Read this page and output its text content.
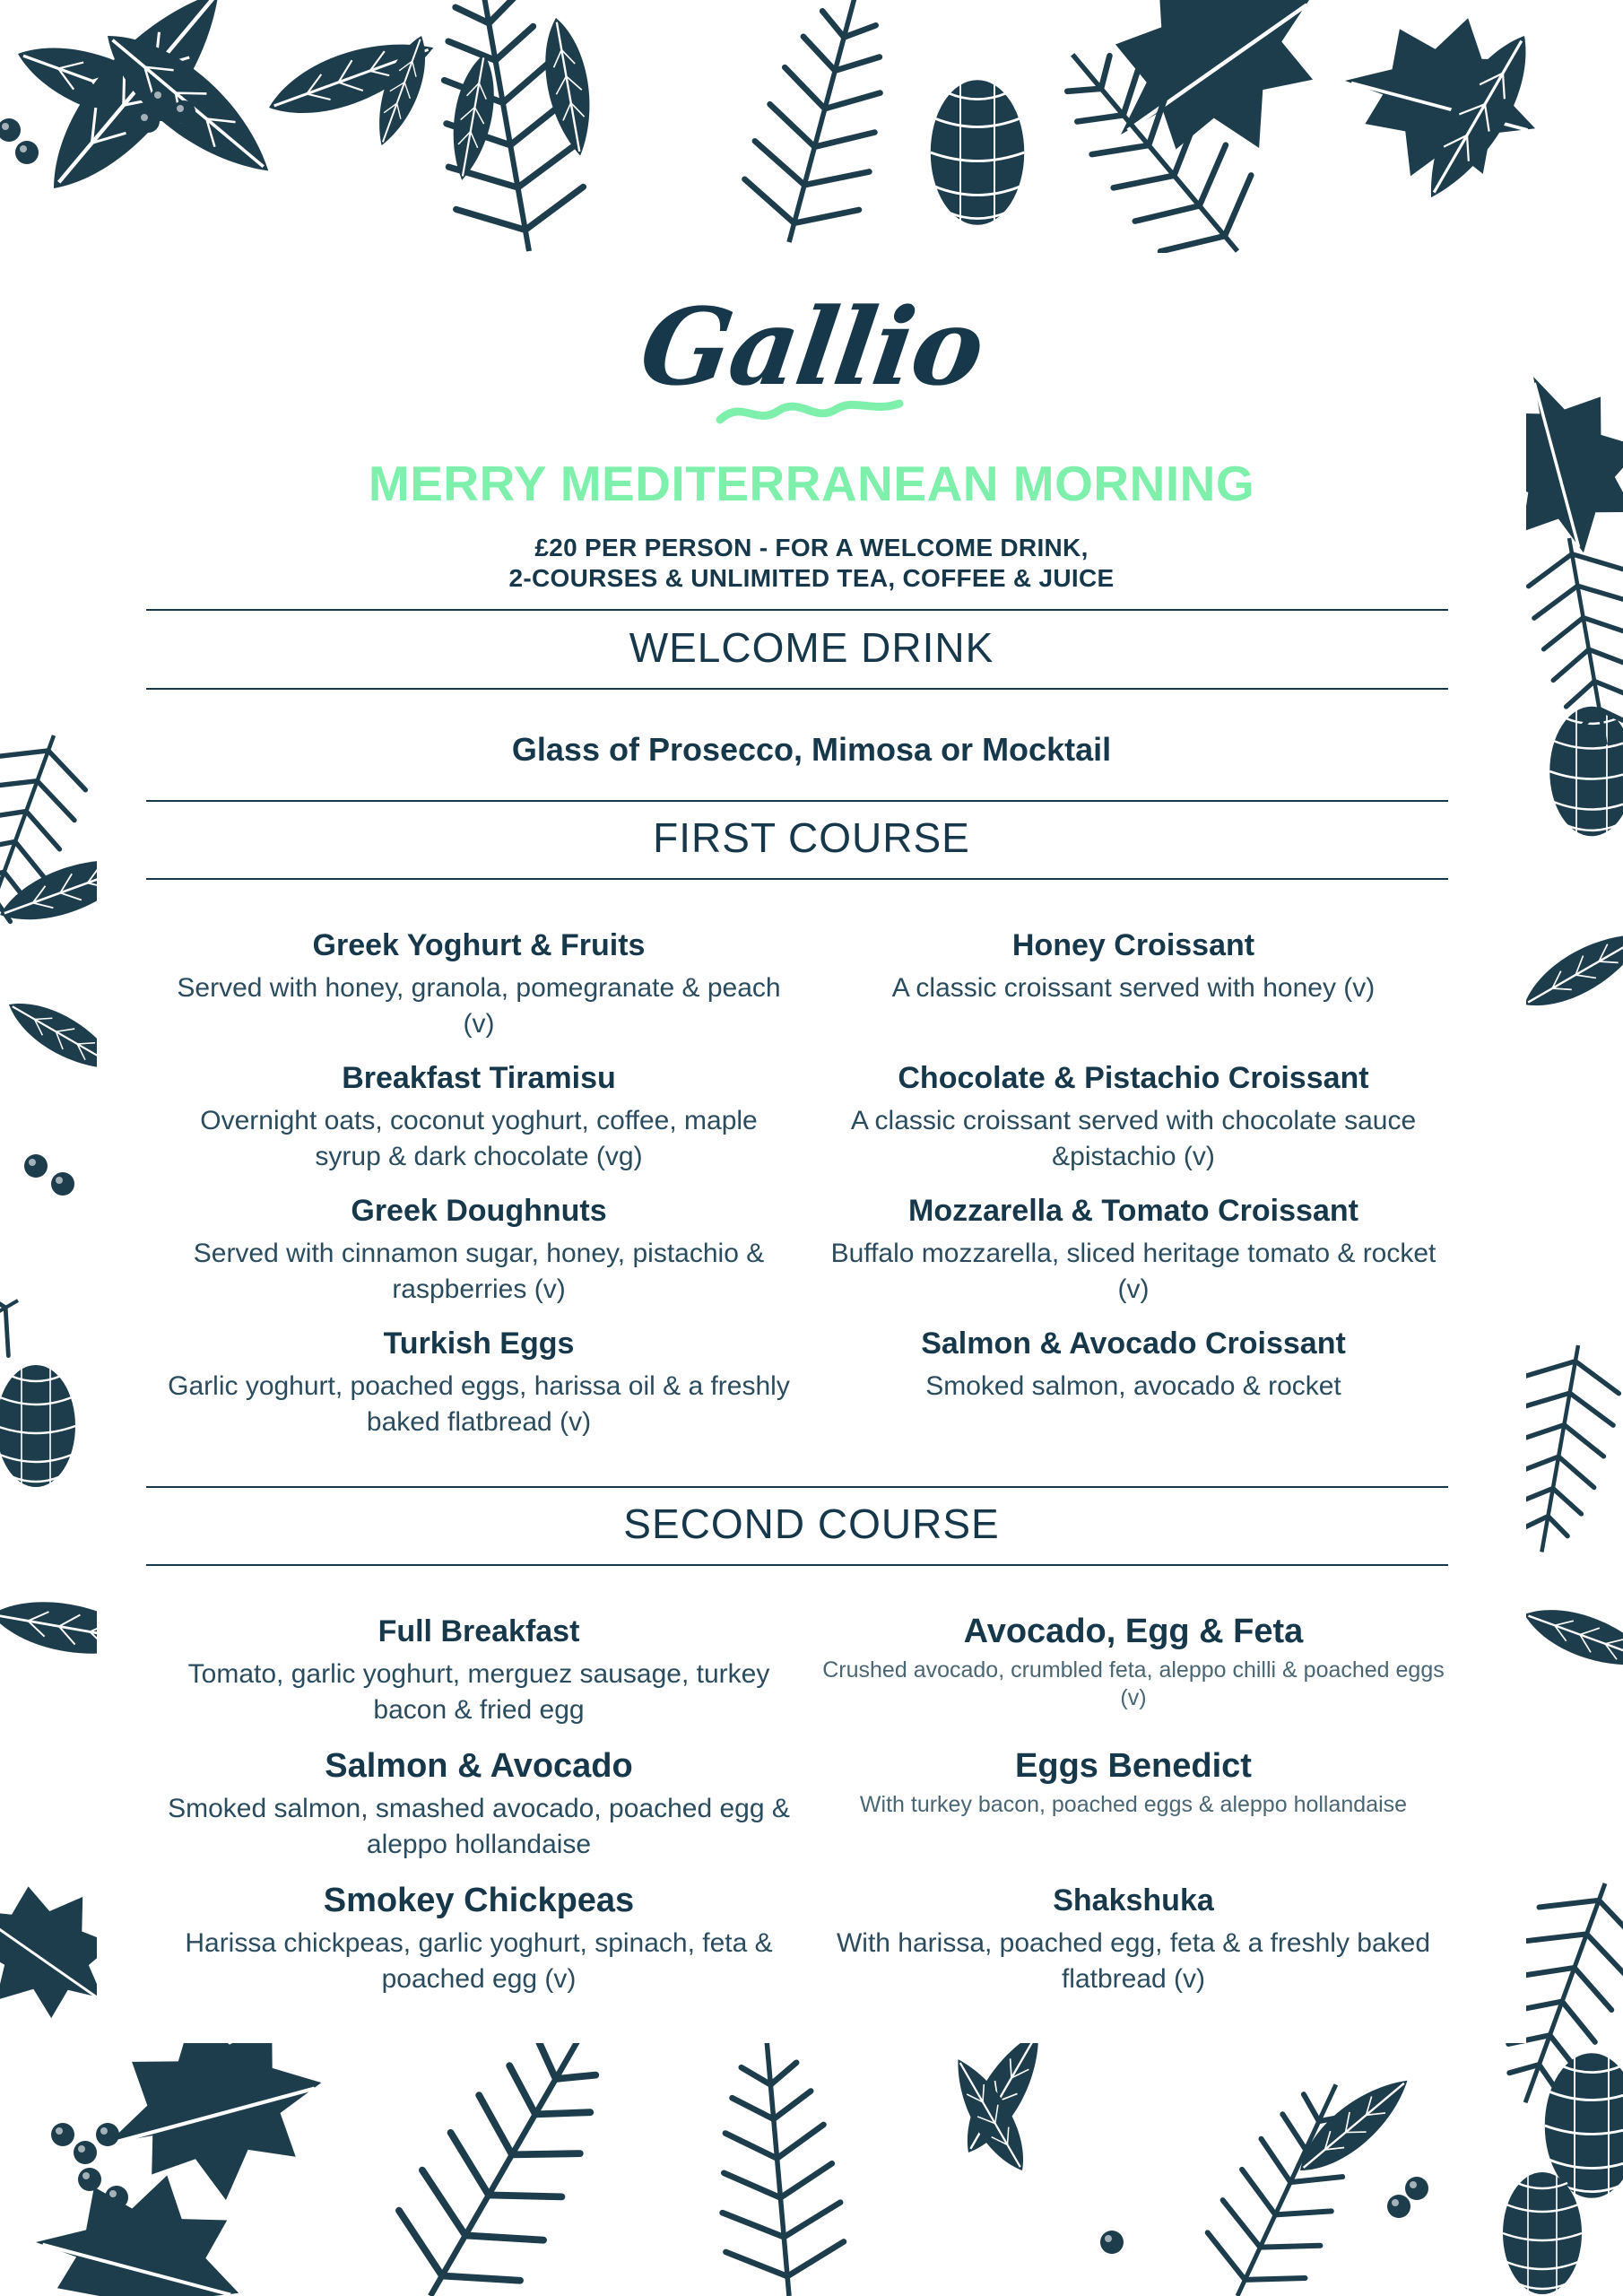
Gallio
MERRY MEDITERRANEAN MORNING
£20 PER PERSON - FOR A WELCOME DRINK,
2-COURSES & UNLIMITED TEA, COFFEE & JUICE
WELCOME DRINK
Glass of Prosecco, Mimosa or Mocktail
FIRST COURSE
Greek Yoghurt & Fruits
Served with honey, granola, pomegranate & peach (v)
Breakfast Tiramisu
Overnight oats, coconut yoghurt, coffee, maple syrup & dark chocolate (vg)
Greek Doughnuts
Served with cinnamon sugar, honey, pistachio & raspberries (v)
Turkish Eggs
Garlic yoghurt, poached eggs, harissa oil & a freshly baked flatbread (v)
Honey Croissant
A classic croissant served with honey (v)
Chocolate & Pistachio Croissant
A classic croissant served with chocolate sauce &pistachio (v)
Mozzarella & Tomato Croissant
Buffalo mozzarella, sliced heritage tomato & rocket (v)
Salmon & Avocado Croissant
Smoked salmon, avocado & rocket
SECOND COURSE
Full Breakfast
Tomato, garlic yoghurt, merguez sausage, turkey bacon & fried egg
Salmon & Avocado
Smoked salmon, smashed avocado, poached egg & aleppo hollandaise
Smokey Chickpeas
Harissa chickpeas, garlic yoghurt, spinach, feta & poached egg (v)
Avocado, Egg & Feta
Crushed avocado, crumbled feta, aleppo chilli & poached eggs (v)
Eggs Benedict
With turkey bacon, poached eggs & aleppo hollandaise
Shakshuka
With harissa, poached egg, feta & a freshly baked flatbread (v)
